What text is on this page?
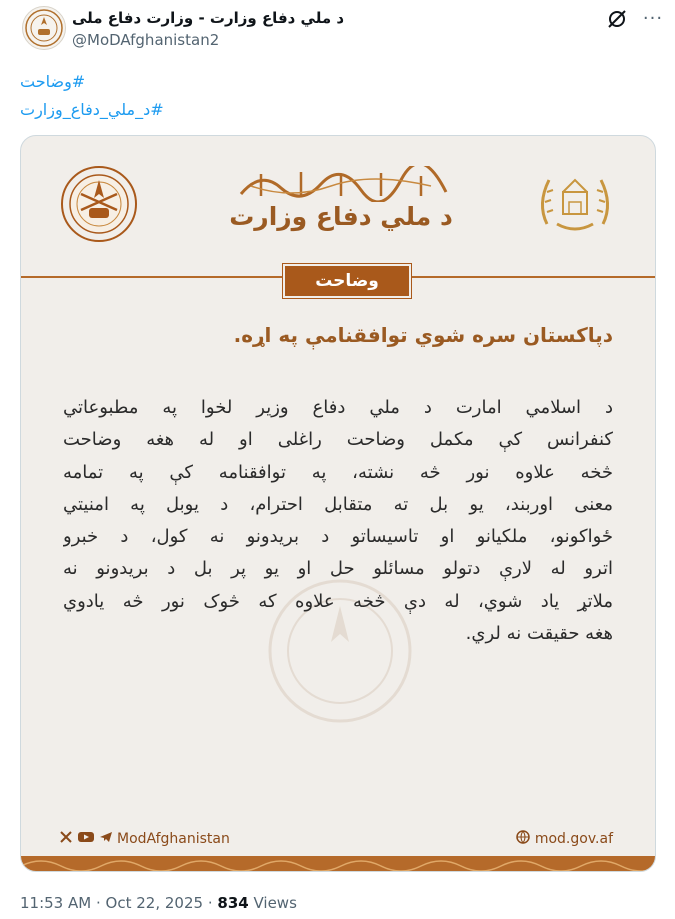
د ملي دفاع وزارت - وزارت دفاع ملی
@MoDAfghanistan2
···
#وضاحت
#د_ملي_دفاع_وزارت
د ملي دفاع وزارت
وضاحت
دپاکستان سره شوي توافقنامې په اړه.
د اسلامي امارت د ملي دفاع وزير لخوا په مطبوعاتي
کنفرانس کې مکمل وضاحت راغلی او له هغه وضاحت
څخه علاوه نور څه نشته، په توافقنامه کې په تمامه
معنی اوربند، يو بل ته متقابل احترام، د يوبل په امنيتي
ځواکونو، ملکيانو او تاسيساتو د بريدونو نه کول، د خبرو
اترو له لارې دتولو مسائلو حل او يو پر بل د بريدونو نه
ملاتړ ياد شوي، له دې څخه علاوه که څوک نور څه يادوي
هغه حقيقت نه لري.
ModAfghanistan	mod.gov.af
11:53 AM · Oct 22, 2025 · 834 Views
